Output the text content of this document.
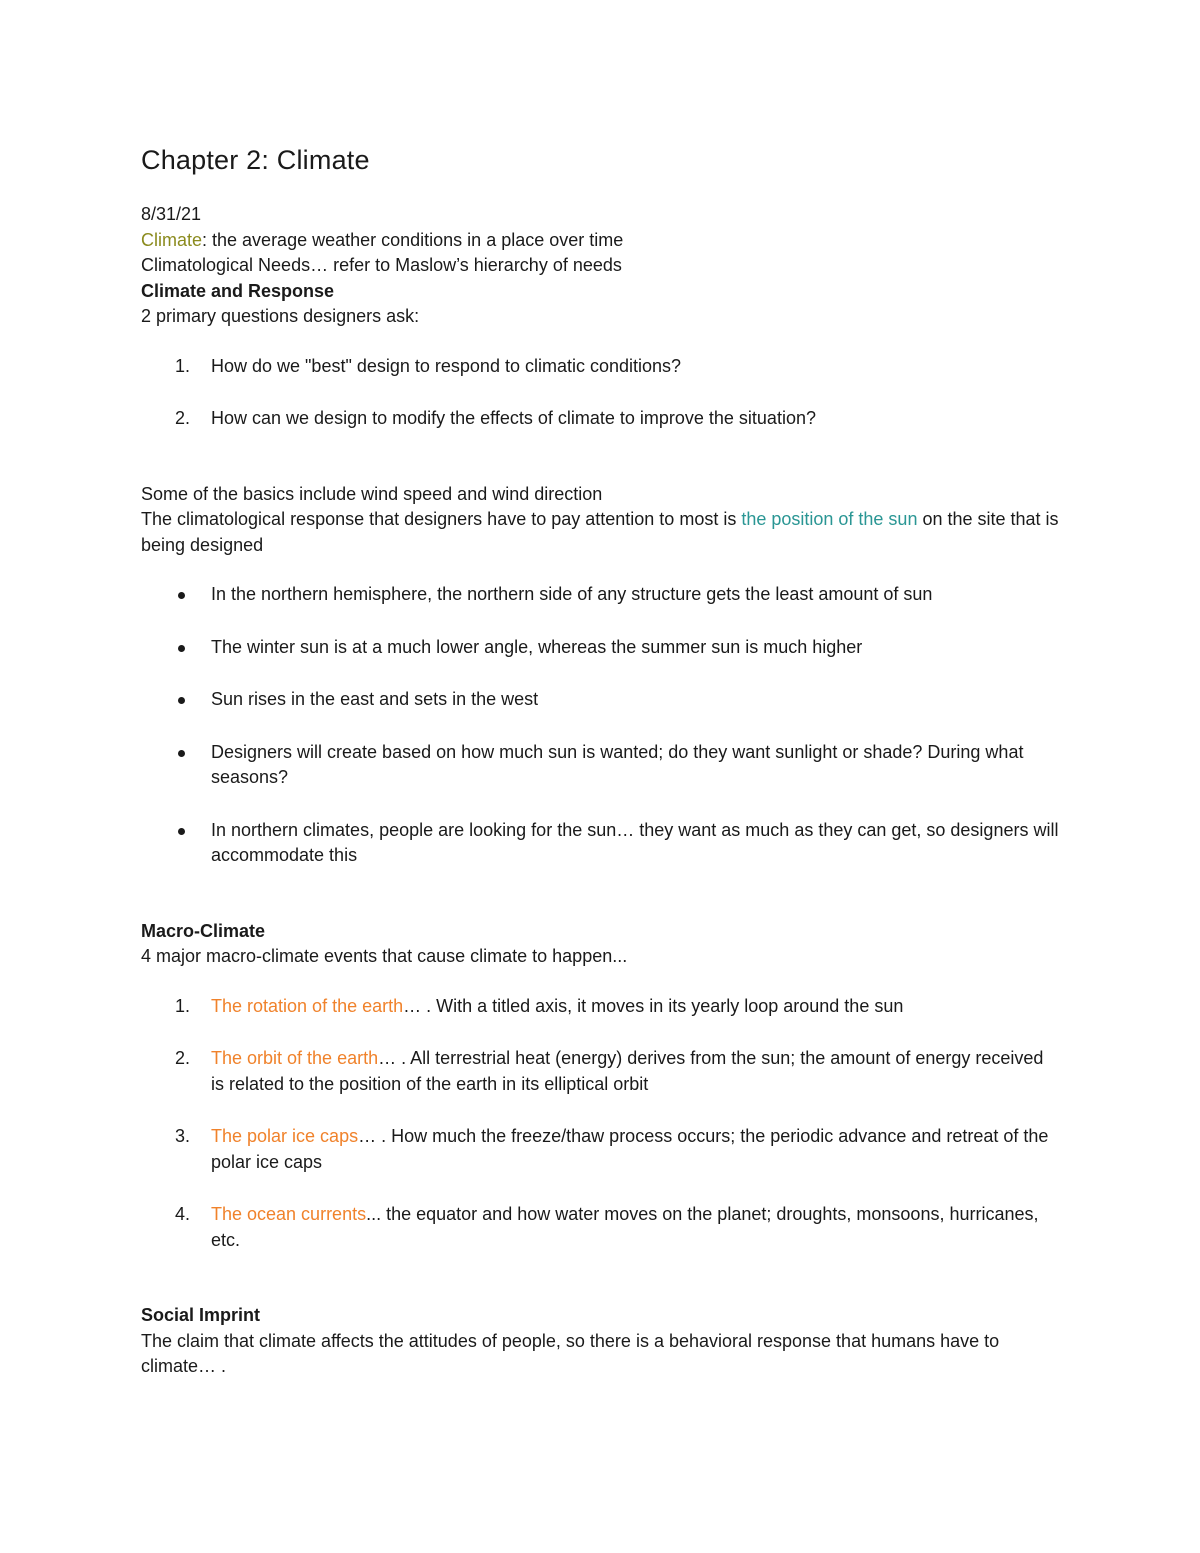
Chapter 2: Climate

8/31/21

Climate: the average weather conditions in a place over time

Climatological Needs… refer to Maslow’s hierarchy of needs

Climate and Response

2 primary questions designers ask:

1.	How do we "best" design to respond to climatic conditions?
2.	How can we design to modify the effects of climate to improve the situation?

Some of the basics include wind speed and wind direction

The climatological response that designers have to pay attention to most is the position of the sun on the site that is being designed

In the northern hemisphere, the northern side of any structure gets the least amount of sun
The winter sun is at a much lower angle, whereas the summer sun is much higher
Sun rises in the east and sets in the west
Designers will create based on how much sun is wanted; do they want sunlight or shade? During what seasons?
In northern climates, people are looking for the sun… they want as much as they can get, so designers will accommodate this

Macro-Climate

4 major macro-climate events that cause climate to happen...

1.	The rotation of the earth… . With a titled axis, it moves in its yearly loop around the sun
2.	The orbit of the earth… . All terrestrial heat (energy) derives from the sun; the amount of energy received is related to the position of the earth in its elliptical orbit
3.	The polar ice caps… . How much the freeze/thaw process occurs; the periodic advance and retreat of the polar ice caps
4.	The ocean currents... the equator and how water moves on the planet; droughts, monsoons, hurricanes, etc.

Social Imprint

The claim that climate affects the attitudes of people, so there is a behavioral response that humans have to climate… .
